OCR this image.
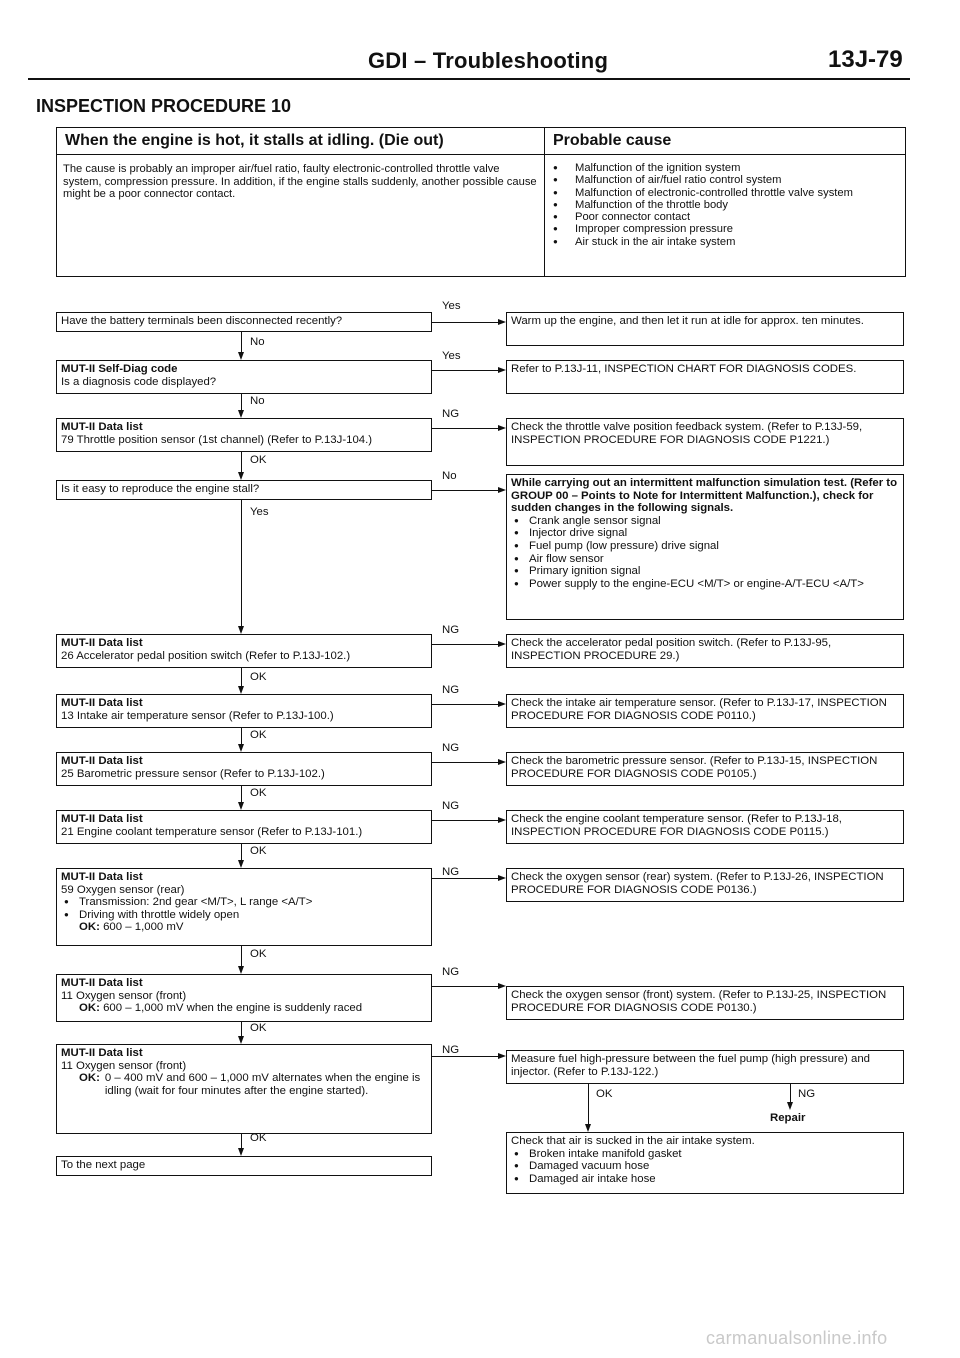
GDI – Troubleshooting	13J-79
INSPECTION PROCEDURE 10
When the engine is hot, it stalls at idling. (Die out)	Probable cause
The cause is probably an improper air/fuel ratio, faulty electronic-controlled throttle valve system, compression pressure. In addition, if the engine stalls suddenly, another possible cause might be a poor connector contact.
● Malfunction of the ignition system
● Malfunction of air/fuel ratio control system
● Malfunction of electronic-controlled throttle valve system
● Malfunction of the throttle body
● Poor connector contact
● Improper compression pressure
● Air stuck in the air intake system
Have the battery terminals been disconnected recently?
MUT-II Self-Diag code
Is a diagnosis code displayed?
MUT-II Data list
79 Throttle position sensor (1st channel) (Refer to P.13J-104.)
Is it easy to reproduce the engine stall?
MUT-II Data list
26 Accelerator pedal position switch (Refer to P.13J-102.)
MUT-II Data list
13 Intake air temperature sensor (Refer to P.13J-100.)
MUT-II Data list
25 Barometric pressure sensor (Refer to P.13J-102.)
MUT-II Data list
21 Engine coolant temperature sensor (Refer to P.13J-101.)
MUT-II Data list
59 Oxygen sensor (rear)
● Transmission: 2nd gear <M/T>, L range <A/T>
● Driving with throttle widely open
OK: 600 – 1,000 mV
MUT-II Data list
11 Oxygen sensor (front)
OK: 600 – 1,000 mV when the engine is suddenly raced
MUT-II Data list
11 Oxygen sensor (front)
OK: 0 – 400 mV and 600 – 1,000 mV alternates when the engine is idling (wait for four minutes after the engine started).
To the next page
Warm up the engine, and then let it run at idle for approx. ten minutes.
Refer to P.13J-11, INSPECTION CHART FOR DIAGNOSIS CODES.
Check the throttle valve position feedback system. (Refer to P.13J-59, INSPECTION PROCEDURE FOR DIAGNOSIS CODE P1221.)
While carrying out an intermittent malfunction simulation test. (Refer to GROUP 00 – Points to Note for Intermittent Malfunction.), check for sudden changes in the following signals.
● Crank angle sensor signal
● Injector drive signal
● Fuel pump (low pressure) drive signal
● Air flow sensor
● Primary ignition signal
● Power supply to the engine-ECU <M/T> or engine-A/T-ECU <A/T>
Check the accelerator pedal position switch. (Refer to P.13J-95, INSPECTION PROCEDURE 29.)
Check the intake air temperature sensor. (Refer to P.13J-17, INSPECTION PROCEDURE FOR DIAGNOSIS CODE P0110.)
Check the barometric pressure sensor. (Refer to P.13J-15, INSPECTION PROCEDURE FOR DIAGNOSIS CODE P0105.)
Check the engine coolant temperature sensor. (Refer to P.13J-18, INSPECTION PROCEDURE FOR DIAGNOSIS CODE P0115.)
Check the oxygen sensor (rear) system. (Refer to P.13J-26, INSPECTION PROCEDURE FOR DIAGNOSIS CODE P0136.)
Check the oxygen sensor (front) system. (Refer to P.13J-25, INSPECTION PROCEDURE FOR DIAGNOSIS CODE P0130.)
Measure fuel high-pressure between the fuel pump (high pressure) and injector. (Refer to P.13J-122.)
Check that air is sucked in the air intake system.
● Broken intake manifold gasket
● Damaged vacuum hose
● Damaged air intake hose
Yes
Yes
NG
No
NG
NG
NG
NG
NG
NG
NG
No
No
OK
Yes
OK
OK
OK
OK
OK
OK
OK
OK	NG
Repair
carmanualsonline.info
